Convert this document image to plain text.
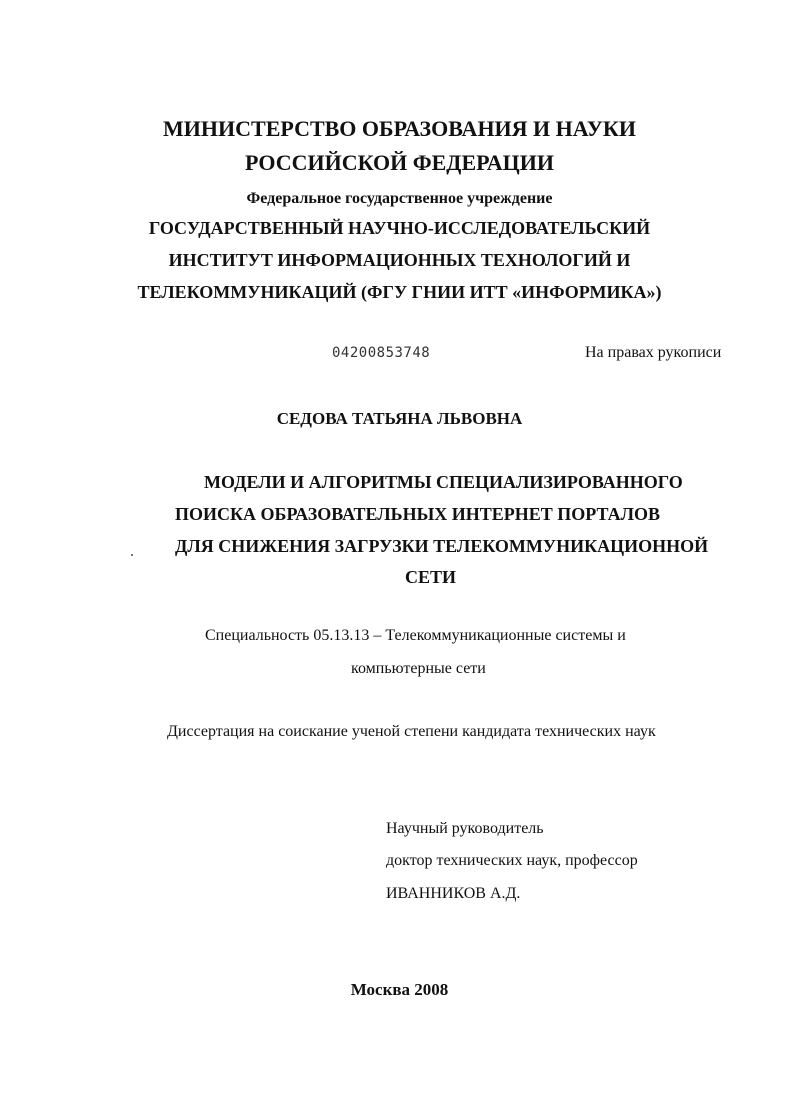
МИНИСТЕРСТВО ОБРАЗОВАНИЯ И НАУКИ
РОССИЙСКОЙ ФЕДЕРАЦИИ
Федеральное государственное учреждение
ГОСУДАРСТВЕННЫЙ НАУЧНО-ИССЛЕДОВАТЕЛЬСКИЙ
ИНСТИТУТ ИНФОРМАЦИОННЫХ ТЕХНОЛОГИЙ И
ТЕЛЕКОММУНИКАЦИЙ (ФГУ ГНИИ ИТТ «ИНФОРМИКА»)
04200853748	На правах рукописи
СЕДОВА ТАТЬЯНА ЛЬВОВНА
МОДЕЛИ И АЛГОРИТМЫ СПЕЦИАЛИЗИРОВАННОГО
ПОИСКА ОБРАЗОВАТЕЛЬНЫХ ИНТЕРНЕТ ПОРТАЛОВ
ДЛЯ СНИЖЕНИЯ ЗАГРУЗКИ ТЕЛЕКОММУНИКАЦИОННОЙ
СЕТИ
Специальность 05.13.13 – Телекоммуникационные системы и
компьютерные сети
Диссертация на соискание ученой степени кандидата технических наук
Научный руководитель
доктор технических наук, профессор
ИВАННИКОВ А.Д.
Москва 2008
